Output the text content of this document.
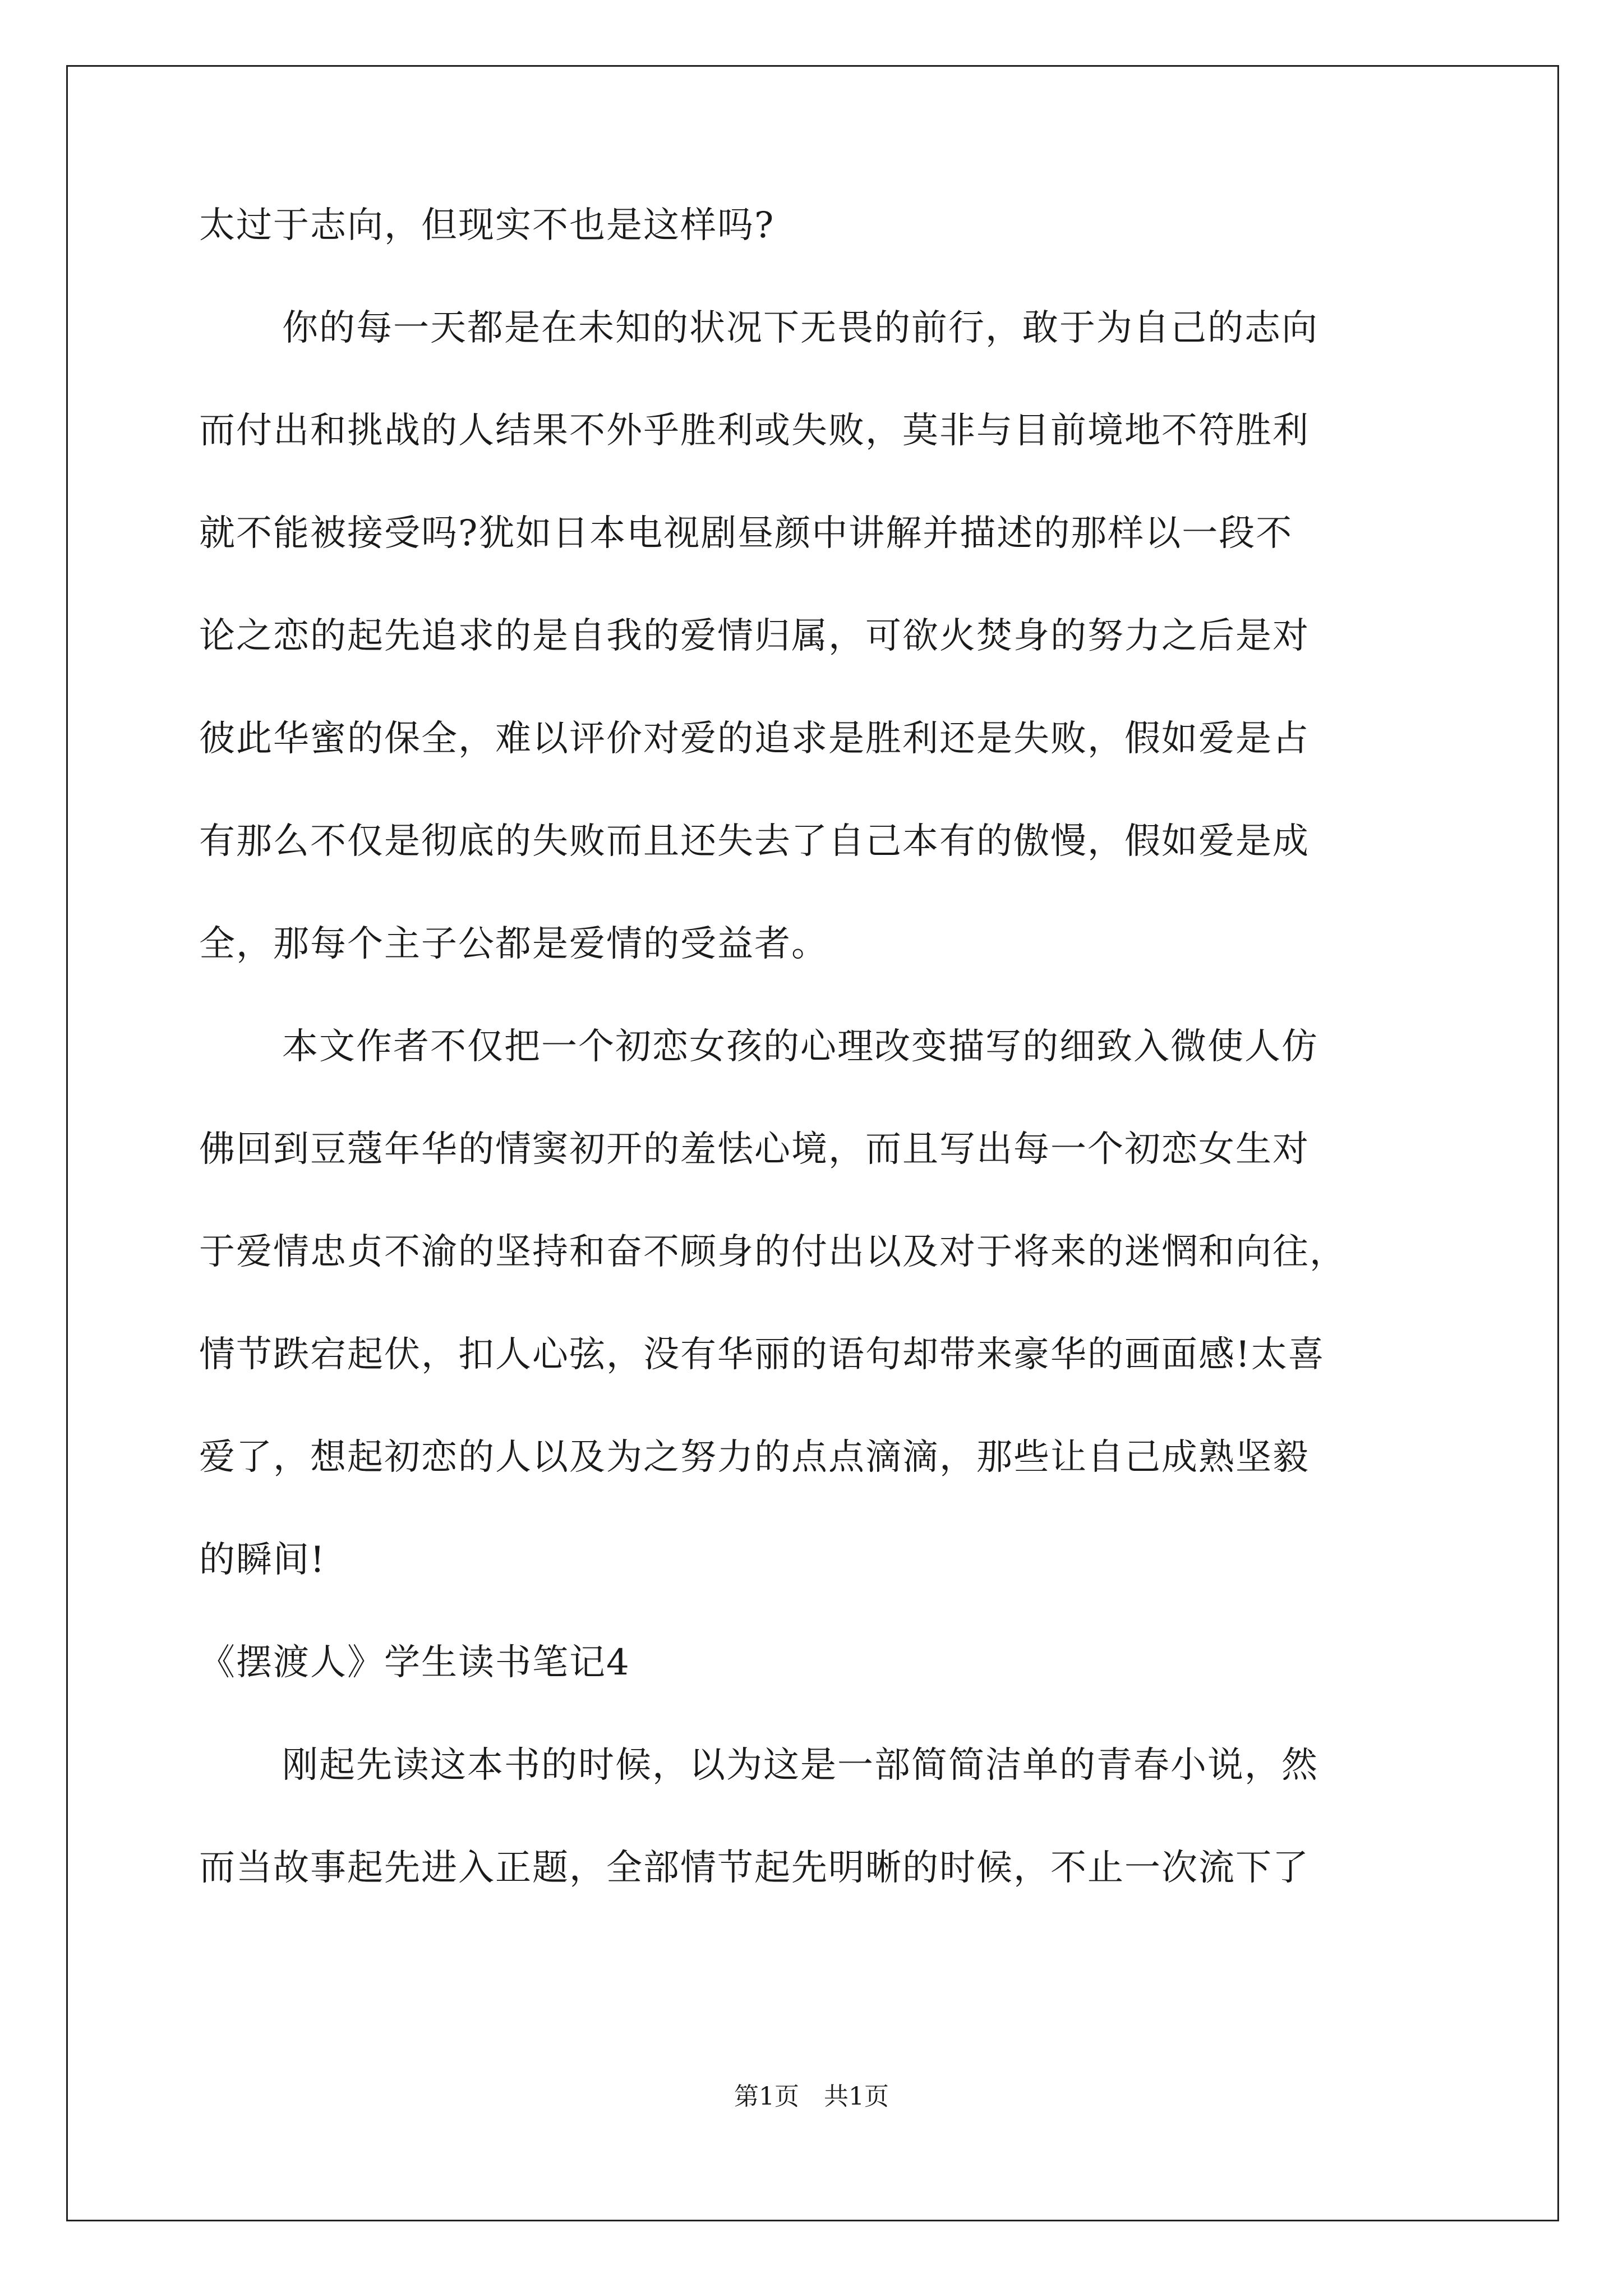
太过于志向，但现实不也是这样吗?
你的每一天都是在未知的状况下无畏的前行，敢于为自己的志向
而付出和挑战的人结果不外乎胜利或失败，莫非与目前境地不符胜利
就不能被接受吗?犹如日本电视剧昼颜中讲解并描述的那样以一段不
论之恋的起先追求的是自我的爱情归属，可欲火焚身的努力之后是对
彼此华蜜的保全，难以评价对爱的追求是胜利还是失败，假如爱是占
有那么不仅是彻底的失败而且还失去了自己本有的傲慢，假如爱是成
全，那每个主子公都是爱情的受益者。
本文作者不仅把一个初恋女孩的心理改变描写的细致入微使人仿
佛回到豆蔻年华的情窦初开的羞怯心境，而且写出每一个初恋女生对
于爱情忠贞不渝的坚持和奋不顾身的付出以及对于将来的迷惘和向往，
情节跌宕起伏，扣人心弦，没有华丽的语句却带来豪华的画面感!太喜
爱了，想起初恋的人以及为之努力的点点滴滴，那些让自己成熟坚毅
的瞬间!
《摆渡人》学生读书笔记4
刚起先读这本书的时候，以为这是一部简简洁单的青春小说，然
而当故事起先进入正题，全部情节起先明晰的时候，不止一次流下了
第1页　共1页
